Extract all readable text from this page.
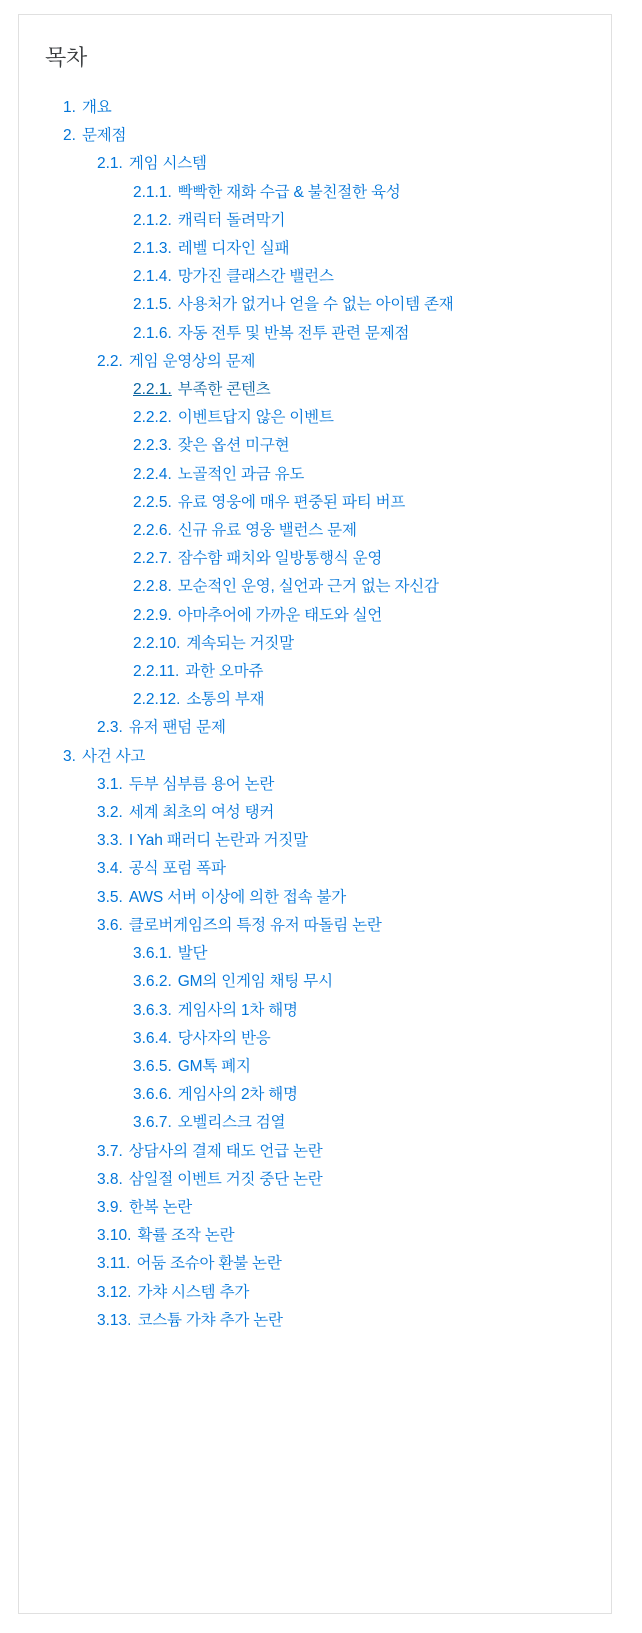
목차
1. 개요
2. 문제점
2.1. 게임 시스템
2.1.1. 빡빡한 재화 수급 & 불친절한 육성
2.1.2. 캐릭터 돌려막기
2.1.3. 레벨 디자인 실패
2.1.4. 망가진 클래스간 밸런스
2.1.5. 사용처가 없거나 얻을 수 없는 아이템 존재
2.1.6. 자동 전투 및 반복 전투 관련 문제점
2.2. 게임 운영상의 문제
2.2.1. 부족한 콘텐츠
2.2.2. 이벤트답지 않은 이벤트
2.2.3. 잦은 옵션 미구현
2.2.4. 노골적인 과금 유도
2.2.5. 유료 영웅에 매우 편중된 파티 버프
2.2.6. 신규 유료 영웅 밸런스 문제
2.2.7. 잠수함 패치와 일방통행식 운영
2.2.8. 모순적인 운영, 실언과 근거 없는 자신감
2.2.9. 아마추어에 가까운 태도와 실언
2.2.10. 계속되는 거짓말
2.2.11. 과한 오마쥬
2.2.12. 소통의 부재
2.3. 유저 팬덤 문제
3. 사건 사고
3.1. 두부 심부름 용어 논란
3.2. 세계 최초의 여성 탱커
3.3. I Yah 패러디 논란과 거짓말
3.4. 공식 포럼 폭파
3.5. AWS 서버 이상에 의한 접속 불가
3.6. 클로버게임즈의 특정 유저 따돌림 논란
3.6.1. 발단
3.6.2. GM의 인게임 채팅 무시
3.6.3. 게임사의 1차 해명
3.6.4. 당사자의 반응
3.6.5. GM톡 폐지
3.6.6. 게임사의 2차 해명
3.6.7. 오벨리스크 검열
3.7. 상담사의 결제 태도 언급 논란
3.8. 삼일절 이벤트 거짓 중단 논란
3.9. 한복 논란
3.10. 확률 조작 논란
3.11. 어둠 조슈아 환불 논란
3.12. 가챠 시스템 추가
3.13. 코스튬 가챠 추가 논란
